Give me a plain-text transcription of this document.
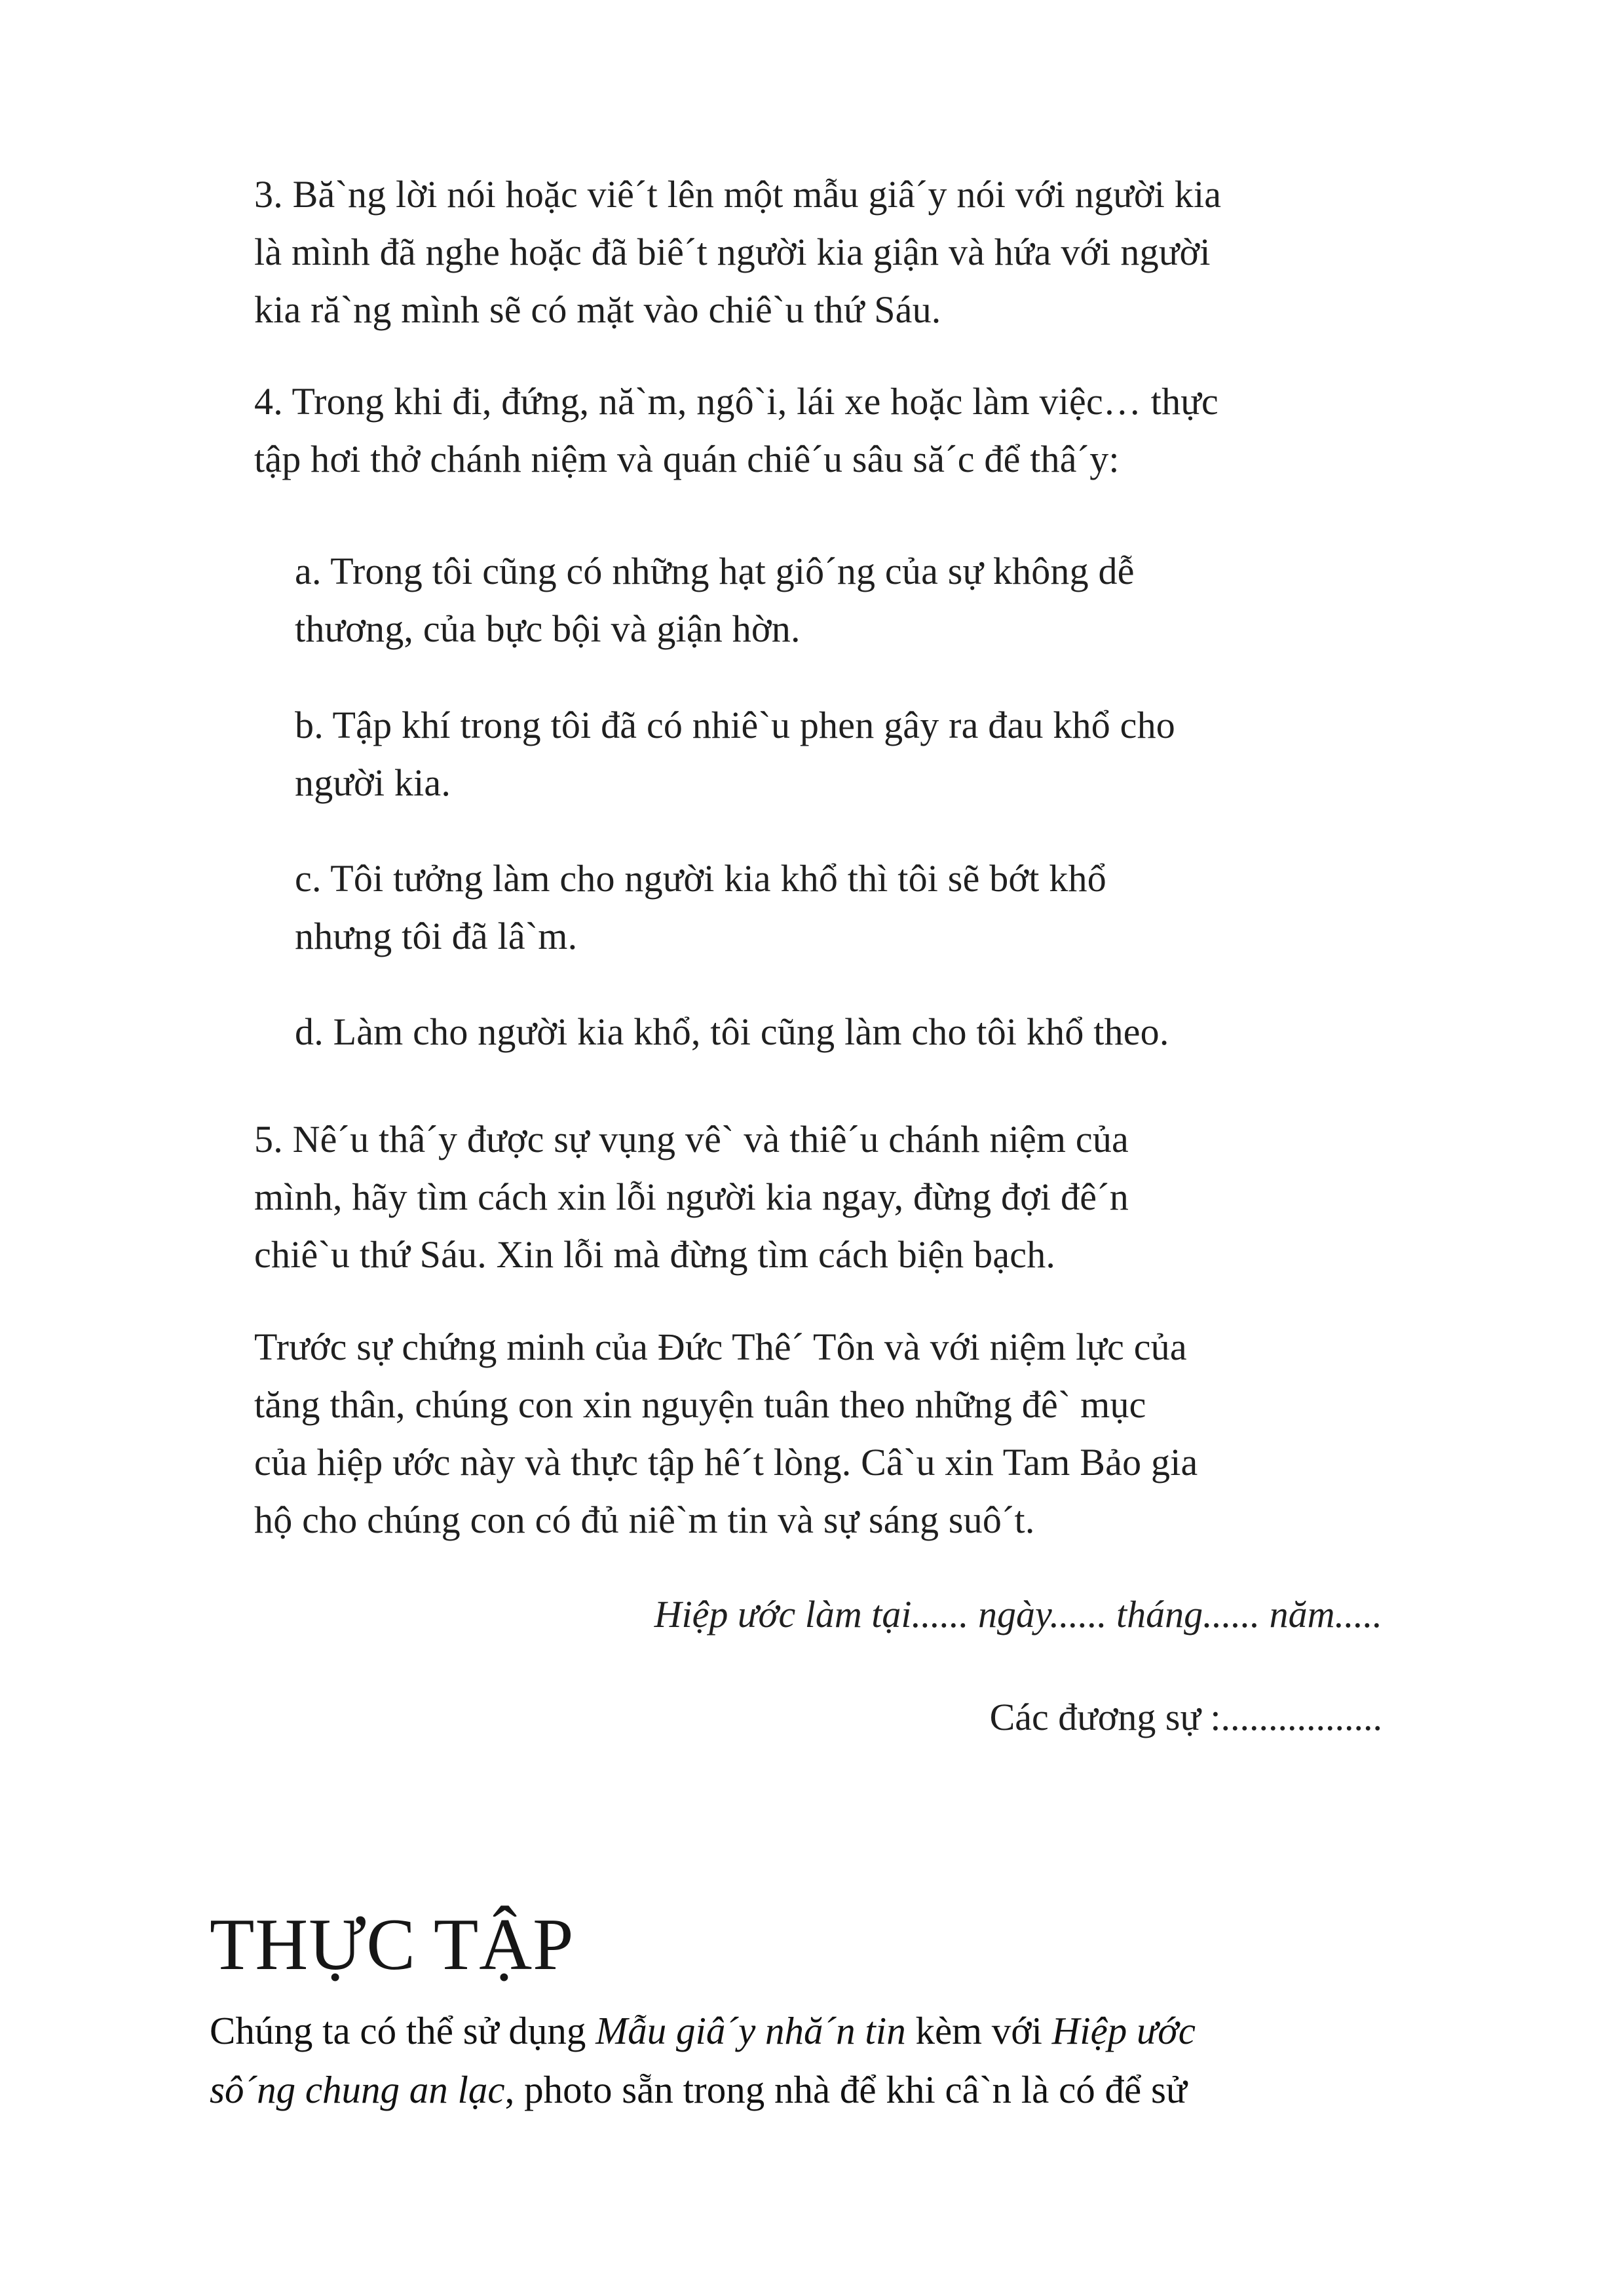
3. Bă`ng lời nói hoặc viê´t lên một mẫu giâ´y nói với người kia
là mình đã nghe hoặc đã biê´t người kia giận và hứa với người
kia ră`ng mình sẽ có mặt vào chiê`u thứ Sáu.
4. Trong khi đi, đứng, nă`m, ngô`i, lái xe hoặc làm việc… thực
tập hơi thở chánh niệm và quán chiê´u sâu să´c để thâ´y:
a. Trong tôi cũng có những hạt giô´ng của sự không dễ
thương, của bực bội và giận hờn.
b. Tập khí trong tôi đã có nhiê`u phen gây ra đau khổ cho
người kia.
c. Tôi tưởng làm cho người kia khổ thì tôi sẽ bớt khổ
nhưng tôi đã lâ`m.
d. Làm cho người kia khổ, tôi cũng làm cho tôi khổ theo.
5. Nê´u thâ´y được sự vụng vê` và thiê´u chánh niệm của
mình, hãy tìm cách xin lỗi người kia ngay, đừng đợi đê´n
chiê`u thứ Sáu. Xin lỗi mà đừng tìm cách biện bạch.
Trước sự chứng minh của Đức Thê´ Tôn và với niệm lực của
tăng thân, chúng con xin nguyện tuân theo những đê` mục
của hiệp ước này và thực tập hê´t lòng. Câ`u xin Tam Bảo gia
hộ cho chúng con có đủ niê`m tin và sự sáng suô´t.
Hiệp ước làm tại...... ngày...... tháng...... năm.....
Các đương sự :.................
THỰC TẬP
Chúng ta có thể sử dụng Mẫu giâ´y nhă´n tin kèm với Hiệp ước
sô´ng chung an lạc, photo sẵn trong nhà để khi câ`n là có để sử
